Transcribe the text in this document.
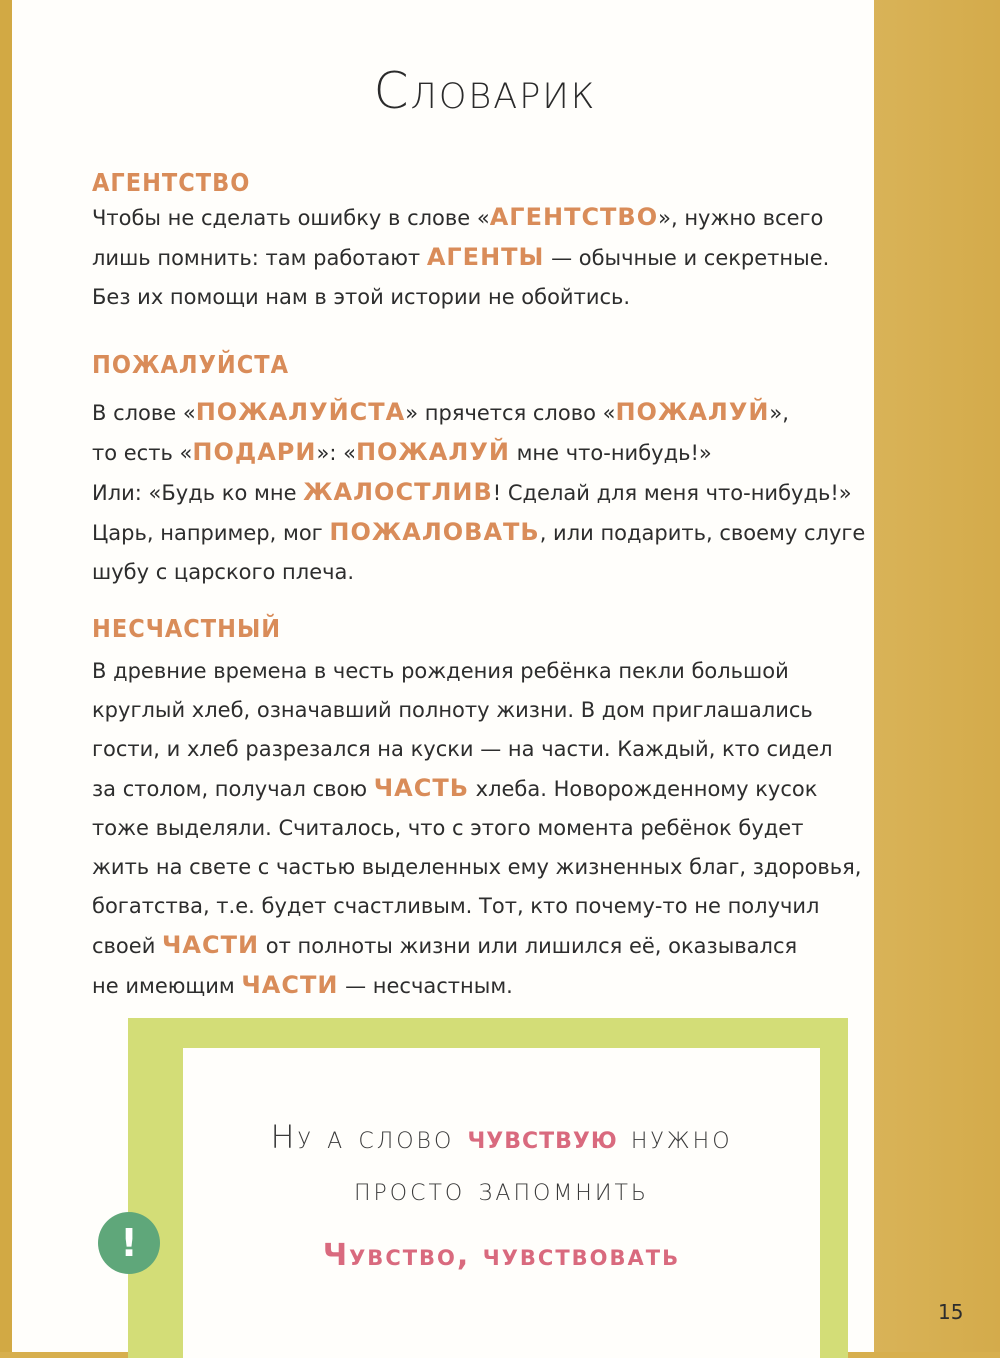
Словарик
АГЕНТСТВО

Чтобы не сделать ошибку в слове «АГЕНТСТВО», нужно всего

лишь помнить: там работают АГЕНТЫ — обычные и секретные.

Без их помощи нам в этой истории не обойтись.

ПОЖАЛУЙСТА

В слове «ПОЖАЛУЙСТА» прячется слово «ПОЖАЛУЙ»,

то есть «ПОДАРИ»: «ПОЖАЛУЙ мне что-нибудь!»

Или: «Будь ко мне ЖАЛОСТЛИВ! Сделай для меня что-нибудь!»

Царь, например, мог ПОЖАЛОВАТЬ, или подарить, своему слуге

шубу с царского плеча.

НЕСЧАСТНЫЙ

В древние времена в честь рождения ребёнка пекли большой

круглый хлеб, означавший полноту жизни. В дом приглашались

гости, и хлеб разрезался на куски — на части. Каждый, кто сидел

за столом, получал свою ЧАСТЬ хлеба. Новорожденному кусок

тоже выделяли. Считалось, что с этого момента ребёнок будет

жить на свете с частью выделенных ему жизненных благ, здоровья,

богатства, т.е. будет счастливым. Тот, кто почему-то не получил

своей ЧАСТИ от полноты жизни или лишился её, оказывался

не имеющим ЧАСТИ — несчастным.

Ну а слово чувствую нужно
просто запомнить
Чувство, чувствовать
!
15
